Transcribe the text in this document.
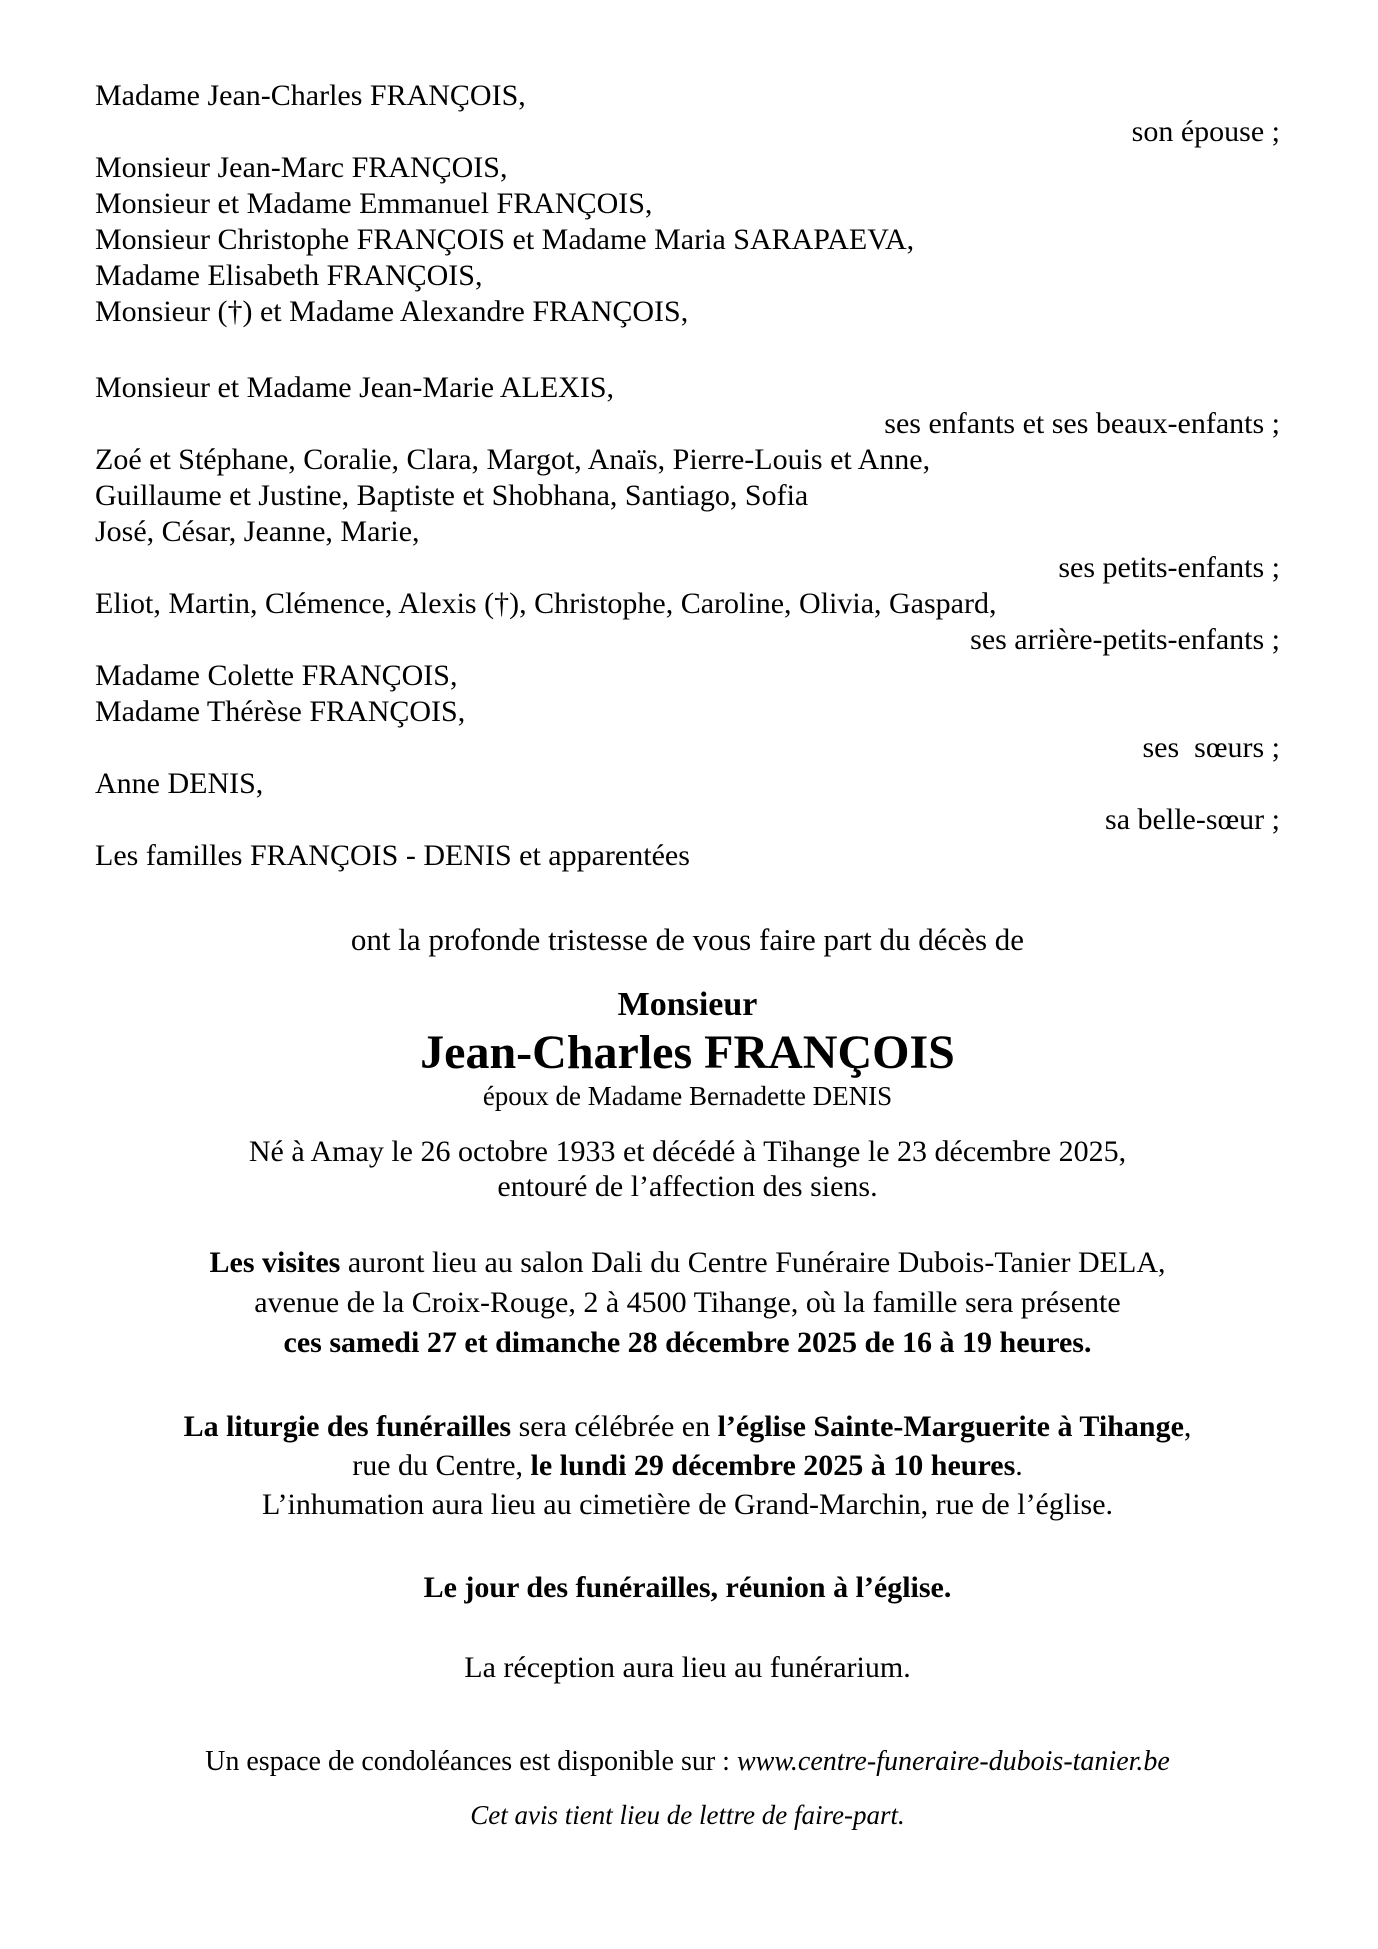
Madame Jean-Charles FRANÇOIS,
son épouse ;
Monsieur Jean-Marc FRANÇOIS,
Monsieur et Madame Emmanuel FRANÇOIS,
Monsieur Christophe FRANÇOIS et Madame Maria SARAPAEVA,
Madame Elisabeth FRANÇOIS,
Monsieur (†) et Madame Alexandre FRANÇOIS,
Monsieur et Madame Jean-Marie ALEXIS,
ses enfants et ses beaux-enfants ;
Zoé et Stéphane, Coralie, Clara, Margot, Anaïs, Pierre-Louis et Anne,
Guillaume et Justine, Baptiste et Shobhana, Santiago, Sofia
José, César, Jeanne, Marie,
ses petits-enfants ;
Eliot, Martin, Clémence, Alexis (†), Christophe, Caroline, Olivia, Gaspard,
ses arrière-petits-enfants ;
Madame Colette FRANÇOIS,
Madame Thérèse FRANÇOIS,
ses  sœurs ;
Anne DENIS,
sa belle-sœur ;
Les familles FRANÇOIS - DENIS et apparentées

ont la profonde tristesse de vous faire part du décès de

Monsieur

Jean-Charles FRANÇOIS

époux de Madame Bernadette DENIS

Né à Amay le 26 octobre 1933 et décédé à Tihange le 23 décembre 2025,
entouré de l’affection des siens.

Les visites auront lieu au salon Dali du Centre Funéraire Dubois-Tanier DELA,
avenue de la Croix-Rouge, 2 à 4500 Tihange, où la famille sera présente
ces samedi 27 et dimanche 28 décembre 2025 de 16 à 19 heures.

La liturgie des funérailles sera célébrée en l’église Sainte-Marguerite à Tihange,
rue du Centre, le lundi 29 décembre 2025 à 10 heures.
L’inhumation aura lieu au cimetière de Grand-Marchin, rue de l’église.

Le jour des funérailles, réunion à l’église.

La réception aura lieu au funérarium.

Un espace de condoléances est disponible sur : www.centre-funeraire-dubois-tanier.be

Cet avis tient lieu de lettre de faire-part.
